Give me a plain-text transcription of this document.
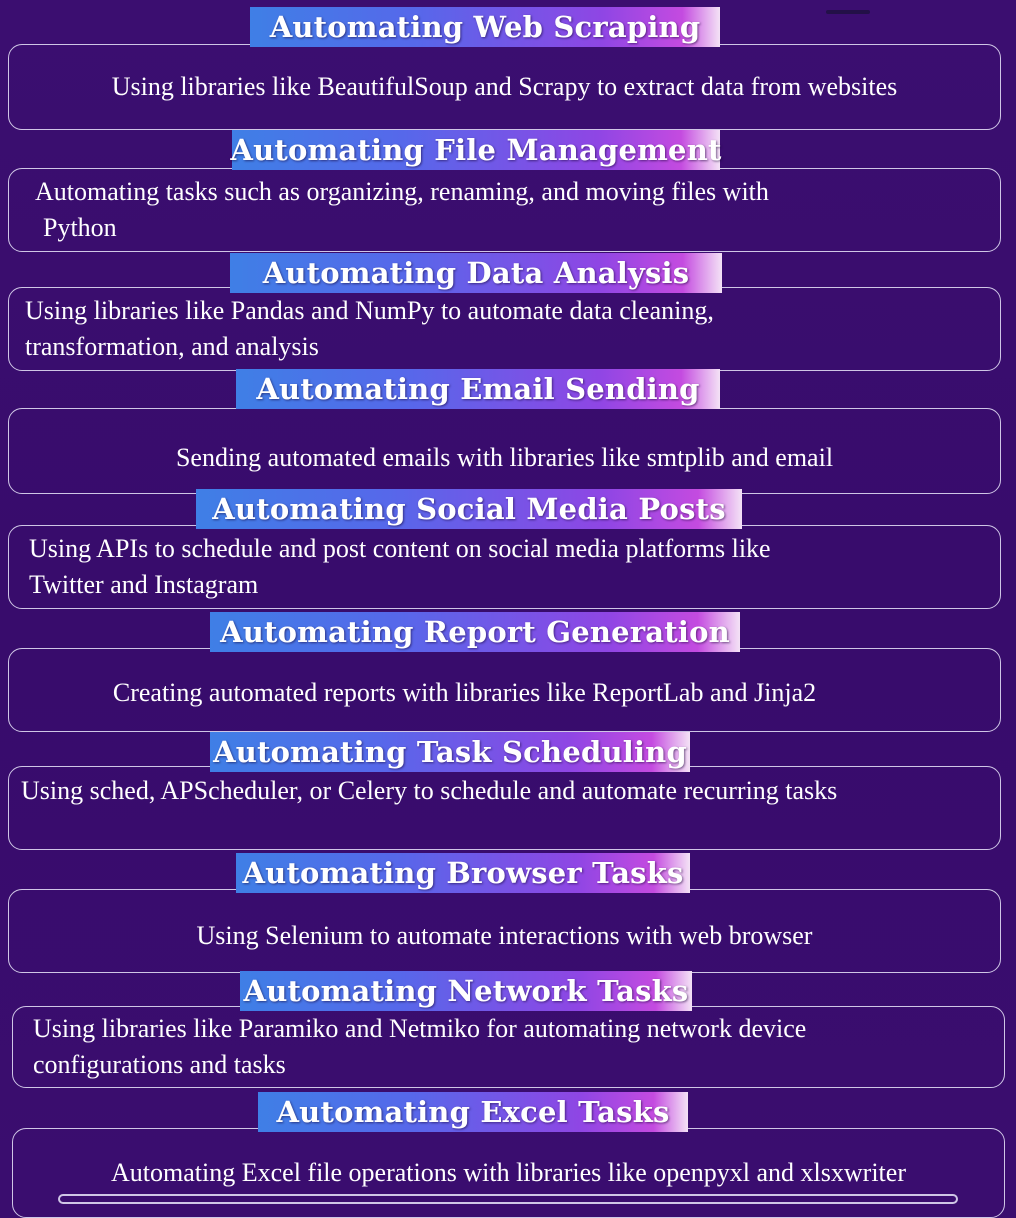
Automating Web Scraping
Using libraries like BeautifulSoup and Scrapy to extract data from websites
Automating File Management
Automating tasks such as organizing, renaming, and moving files with
Python
Automating Data Analysis
Using libraries like Pandas and NumPy to automate data cleaning,
transformation, and analysis
Automating Email Sending
Sending automated emails with libraries like smtplib and email
Automating Social Media Posts
Using APIs to schedule and post content on social media platforms like
Twitter and Instagram
Automating Report Generation
Creating automated reports with libraries like ReportLab and Jinja2
Automating Task Scheduling
Using sched, APScheduler, or Celery to schedule and automate recurring tasks
Automating Browser Tasks
Using Selenium to automate interactions with web browser
Automating Network Tasks
Using libraries like Paramiko and Netmiko for automating network device
configurations and tasks
Automating Excel Tasks
Automating Excel file operations with libraries like openpyxl and xlsxwriter
